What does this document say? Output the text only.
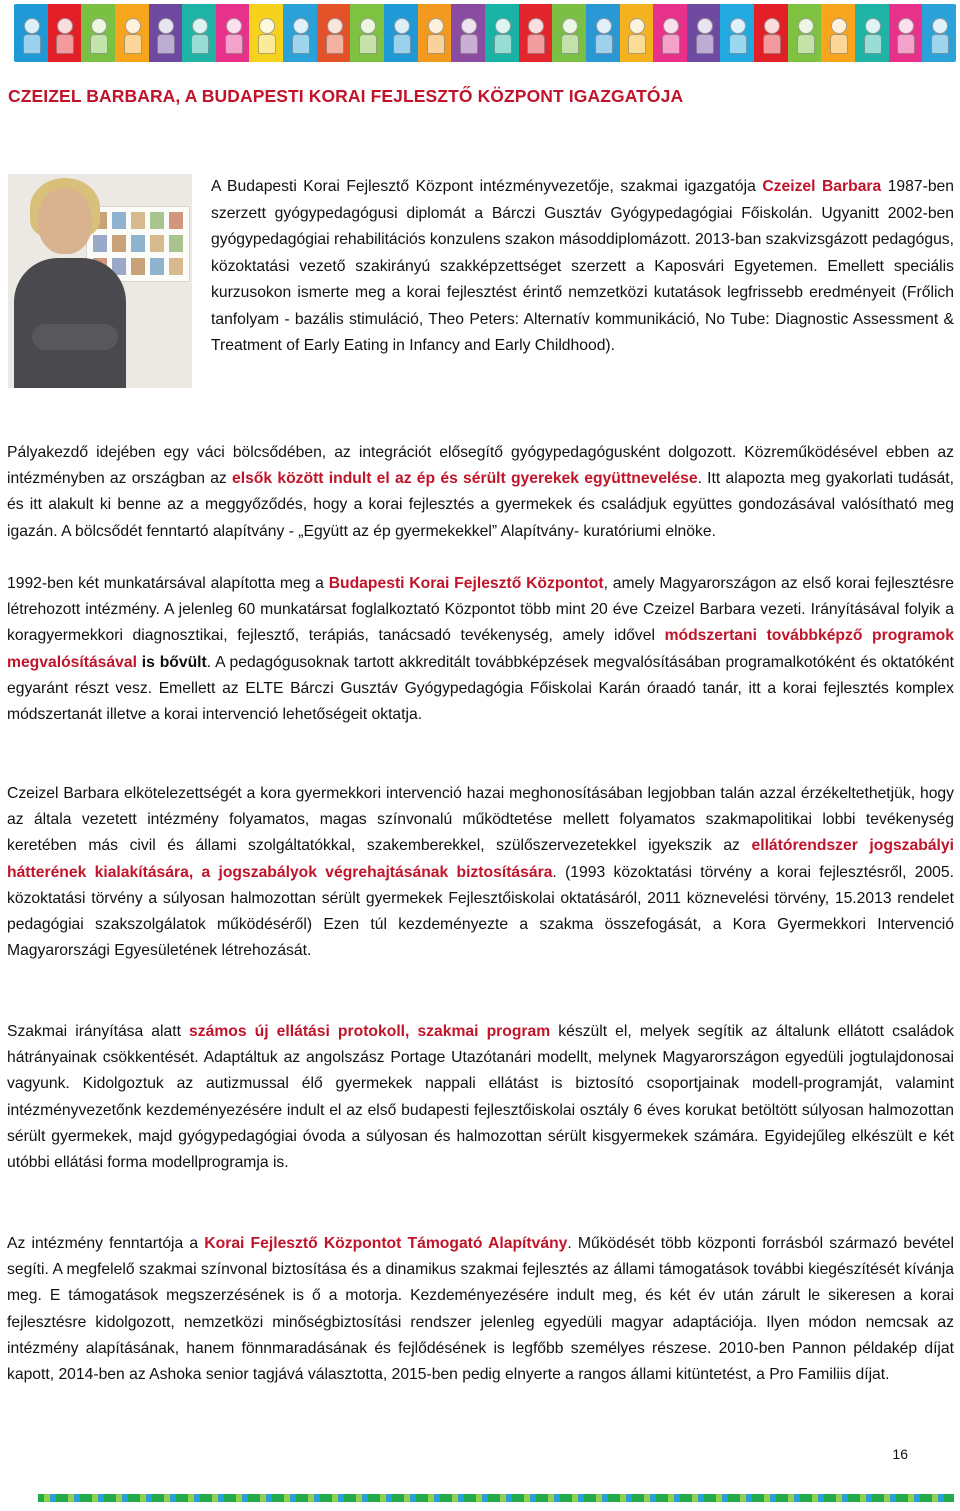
CZEIZEL BARBARA, A BUDAPESTI KORAI FEJLESZTŐ KÖZPONT IGAZGATÓJA

A Budapesti Korai Fejlesztő Központ intézményvezetője, szakmai igazgatója Czeizel Barbara 1987-ben szerzett gyógypedagógusi diplomát a Bárczi Gusztáv Gyógypedagógiai Főiskolán. Ugyanitt 2002-ben gyógypedagógiai rehabilitációs konzulens szakon másoddiplomázott. 2013-ban szakvizsgázott pedagógus, közoktatási vezető szakirányú szakképzettséget szerzett a Kaposvári Egyetemen. Emellett speciális kurzusokon ismerte meg a korai fejlesztést érintő nemzetközi kutatások legfrissebb eredményeit (Frőlich tanfolyam - bazális stimuláció, Theo Peters: Alternatív kommunikáció, No Tube: Diagnostic Assessment & Treatment of Early Eating in Infancy and Early Childhood).

Pályakezdő idejében egy váci bölcsődében, az integrációt elősegítő gyógypedagógusként dolgozott. Közreműködésével ebben az intézményben az országban az elsők között indult el az ép és sérült gyerekek együttnevelése. Itt alapozta meg gyakorlati tudását, és itt alakult ki benne az a meggyőződés, hogy a korai fejlesztés a gyermekek és családjuk együttes gondozásával valósítható meg igazán. A bölcsődét fenntartó alapítvány - „Együtt az ép gyermekekkel” Alapítvány- kuratóriumi elnöke.

1992-ben két munkatársával alapította meg a Budapesti Korai Fejlesztő Központot, amely Magyarországon az első korai fejlesztésre létrehozott intézmény. A jelenleg 60 munkatársat foglalkoztató Központot több mint 20 éve Czeizel Barbara vezeti. Irányításával folyik a koragyermekkori diagnosztikai, fejlesztő, terápiás, tanácsadó tevékenység, amely idővel módszertani továbbképző programok megvalósításával is bővült. A pedagógusoknak tartott akkreditált továbbképzések megvalósításában programalkotóként és oktatóként egyaránt részt vesz. Emellett az ELTE Bárczi Gusztáv Gyógypedagógia Főiskolai Karán óraadó tanár, itt a korai fejlesztés komplex módszertanát illetve a korai intervenció lehetőségeit oktatja.

Czeizel Barbara elkötelezettségét a kora gyermekkori intervenció hazai meghonosításában legjobban talán azzal érzékeltethetjük, hogy az általa vezetett intézmény folyamatos, magas színvonalú működtetése mellett folyamatos szakmapolitikai lobbi tevékenység keretében más civil és állami szolgáltatókkal, szakemberekkel, szülőszervezetekkel igyekszik az ellátórendszer jogszabályi hátterének kialakítására, a jogszabályok végrehajtásának biztosítására. (1993 közoktatási törvény a korai fejlesztésről, 2005. közoktatási törvény a súlyosan halmozottan sérült gyermekek Fejlesztőiskolai oktatásáról, 2011 köznevelési törvény, 15.2013 rendelet pedagógiai szakszolgálatok működéséről) Ezen túl kezdeményezte a szakma összefogását, a Kora Gyermekkori Intervenció Magyarországi Egyesületének létrehozását.

Szakmai irányítása alatt számos új ellátási protokoll, szakmai program készült el, melyek segítik az általunk ellátott családok hátrányainak csökkentését. Adaptáltuk az angolszász Portage Utazótanári modellt, melynek Magyarországon egyedüli jogtulajdonosai vagyunk. Kidolgoztuk az autizmussal élő gyermekek nappali ellátást is biztosító csoportjainak modell-programját, valamint intézményvezetőnk kezdeményezésére indult el az első budapesti fejlesztőiskolai osztály 6 éves korukat betöltött súlyosan halmozottan sérült gyermekek, majd gyógypedagógiai óvoda a súlyosan és halmozottan sérült kisgyermekek számára. Egyidejűleg elkészült e két utóbbi ellátási forma modellprogramja is.

Az intézmény fenntartója a Korai Fejlesztő Központot Támogató Alapítvány. Működését több központi forrásból származó bevétel segíti. A megfelelő szakmai színvonal biztosítása és a dinamikus szakmai fejlesztés az állami támogatások további kiegészítését kívánja meg. E támogatások megszerzésének is ő a motorja. Kezdeményezésére indult meg, és két év után zárult le sikeresen a korai fejlesztésre kidolgozott, nemzetközi minőségbiztosítási rendszer jelenleg egyedüli magyar adaptációja. Ilyen módon nemcsak az intézmény alapításának, hanem fönnmaradásának és fejlődésének is legfőbb személyes részese. 2010-ben Pannon példakép díjat kapott, 2014-ben az Ashoka senior tagjává választotta, 2015-ben pedig elnyerte a rangos állami kitüntetést, a Pro Familiis díjat.

16
